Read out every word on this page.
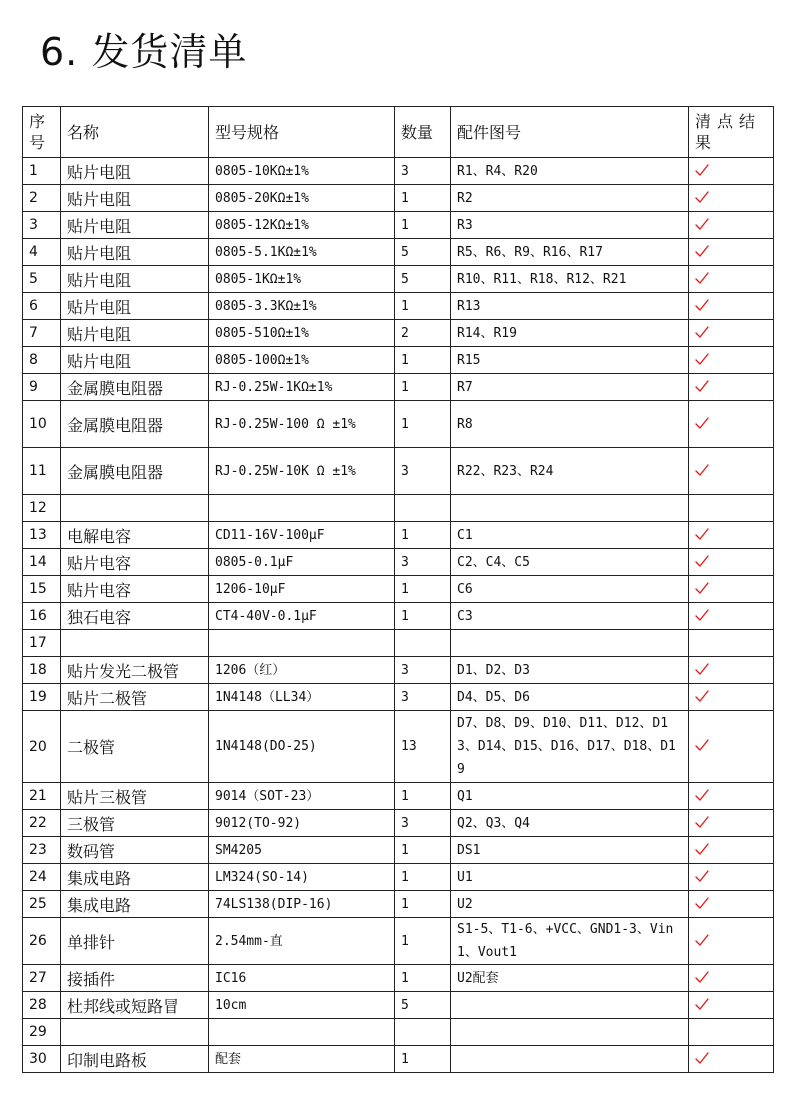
6. 发货清单
序号	名称	型号规格	数量	配件图号	清点结果
1	贴片电阻	0805-10KΩ±1%	3	R1、R4、R20	

2	贴片电阻	0805-20KΩ±1%	1	R2	

3	贴片电阻	0805-12KΩ±1%	1	R3	

4	贴片电阻	0805-5.1KΩ±1%	5	R5、R6、R9、R16、R17	

5	贴片电阻	0805-1KΩ±1%	5	R10、R11、R18、R12、R21	

6	贴片电阻	0805-3.3KΩ±1%	1	R13	

7	贴片电阻	0805-510Ω±1%	2	R14、R19	

8	贴片电阻	0805-100Ω±1%	1	R15	

9	金属膜电阻器	RJ-0.25W-1KΩ±1%	1	R7	

10	金属膜电阻器	RJ-0.25W-100 Ω ±1%	1	R8	

11	金属膜电阻器	RJ-0.25W-10K Ω ±1%	3	R22、R23、R24	

12					
13	电解电容	CD11-16V-100μF	1	C1	

14	贴片电容	0805-0.1μF	3	C2、C4、C5	

15	贴片电容	1206-10μF	1	C6	

16	独石电容	CT4-40V-0.1μF	1	C3	

17					
18	贴片发光二极管	1206（红）	3	D1、D2、D3	

19	贴片二极管	1N4148（LL34）	3	D4、D5、D6	

20	二极管	1N4148(DO-25)	13	D7、D8、D9、D10、D11、D12、D13、D14、D15、D16、D17、D18、D19	

21	贴片三极管	9014（SOT-23）	1	Q1	

22	三极管	9012(TO-92)	3	Q2、Q3、Q4	

23	数码管	SM4205	1	DS1	

24	集成电路	LM324(SO-14)	1	U1	

25	集成电路	74LS138(DIP-16)	1	U2	

26	单排针	2.54mm-直	1	S1-5、T1-6、+VCC、GND1-3、Vin1、Vout1	

27	接插件	IC16	1	U2配套	

28	杜邦线或短路冒	10cm	5		

29					
30	印制电路板	配套	1		
